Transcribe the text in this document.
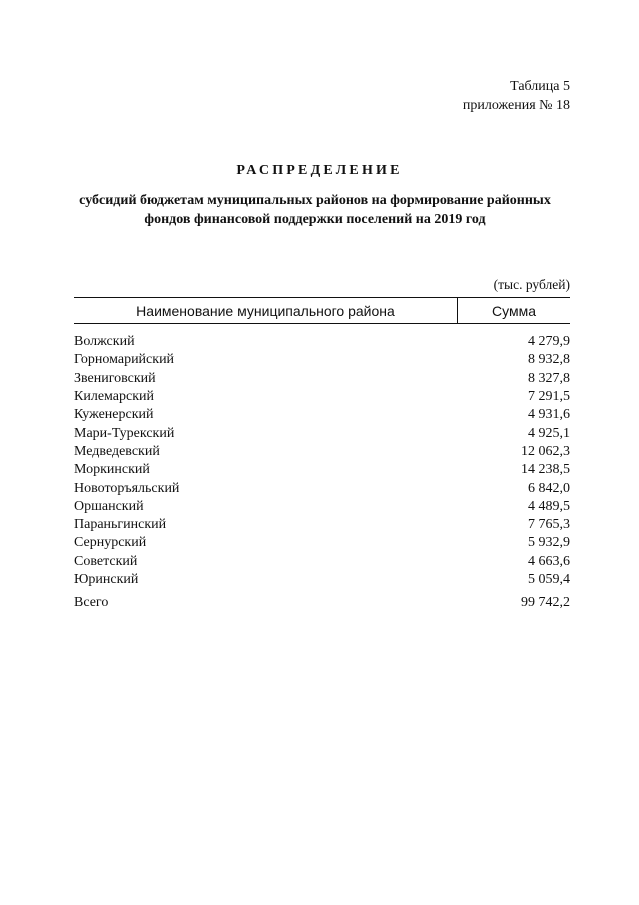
Таблица 5
приложения № 18
РАСПРЕДЕЛЕНИЕ
субсидий бюджетам муниципальных районов на формирование районных
фондов финансовой поддержки поселений на 2019 год
(тыс. рублей)
Наименование муниципального района	Сумма
Волжский	4 279,9
Горномарийский	8 932,8
Звениговский	8 327,8
Килемарский	7 291,5
Куженерский	4 931,6
Мари-Турекский	4 925,1
Медведевский	12 062,3
Моркинский	14 238,5
Новоторъяльский	6 842,0
Оршанский	4 489,5
Параньгинский	7 765,3
Сернурский	5 932,9
Советский	4 663,6
Юринский	5 059,4
Всего	99 742,2
